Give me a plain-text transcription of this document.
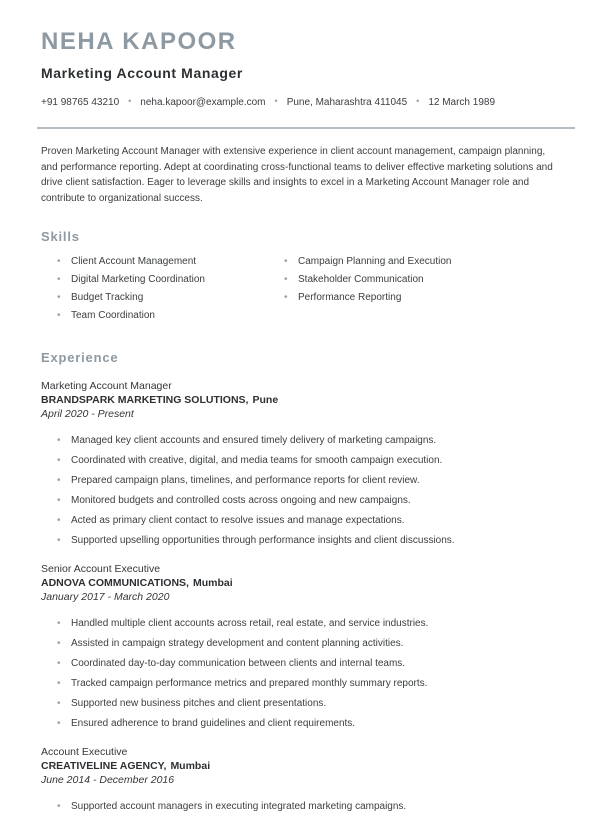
NEHA KAPOOR
Marketing Account Manager
+91 98765 43210 • neha.kapoor@example.com • Pune, Maharashtra 411045 • 12 March 1989

Proven Marketing Account Manager with extensive experience in client account management, campaign planning, and performance reporting. Adept at coordinating cross-functional teams to deliver effective marketing solutions and drive client satisfaction. Eager to leverage skills and insights to excel in a Marketing Account Manager role and contribute to organizational success.

Skills
• Client Account Management
• Digital Marketing Coordination
• Budget Tracking
• Team Coordination
• Campaign Planning and Execution
• Stakeholder Communication
• Performance Reporting
Experience
Marketing Account Manager
BRANDSPARK MARKETING SOLUTIONS, Pune
April 2020 - Present
• Managed key client accounts and ensured timely delivery of marketing campaigns.
• Coordinated with creative, digital, and media teams for smooth campaign execution.
• Prepared campaign plans, timelines, and performance reports for client review.
• Monitored budgets and controlled costs across ongoing and new campaigns.
• Acted as primary client contact to resolve issues and manage expectations.
• Supported upselling opportunities through performance insights and client discussions.
Senior Account Executive
ADNOVA COMMUNICATIONS, Mumbai
January 2017 - March 2020
• Handled multiple client accounts across retail, real estate, and service industries.
• Assisted in campaign strategy development and content planning activities.
• Coordinated day-to-day communication between clients and internal teams.
• Tracked campaign performance metrics and prepared monthly summary reports.
• Supported new business pitches and client presentations.
• Ensured adherence to brand guidelines and client requirements.
Account Executive
CREATIVELINE AGENCY, Mumbai
June 2014 - December 2016
• Supported account managers in executing integrated marketing campaigns.
